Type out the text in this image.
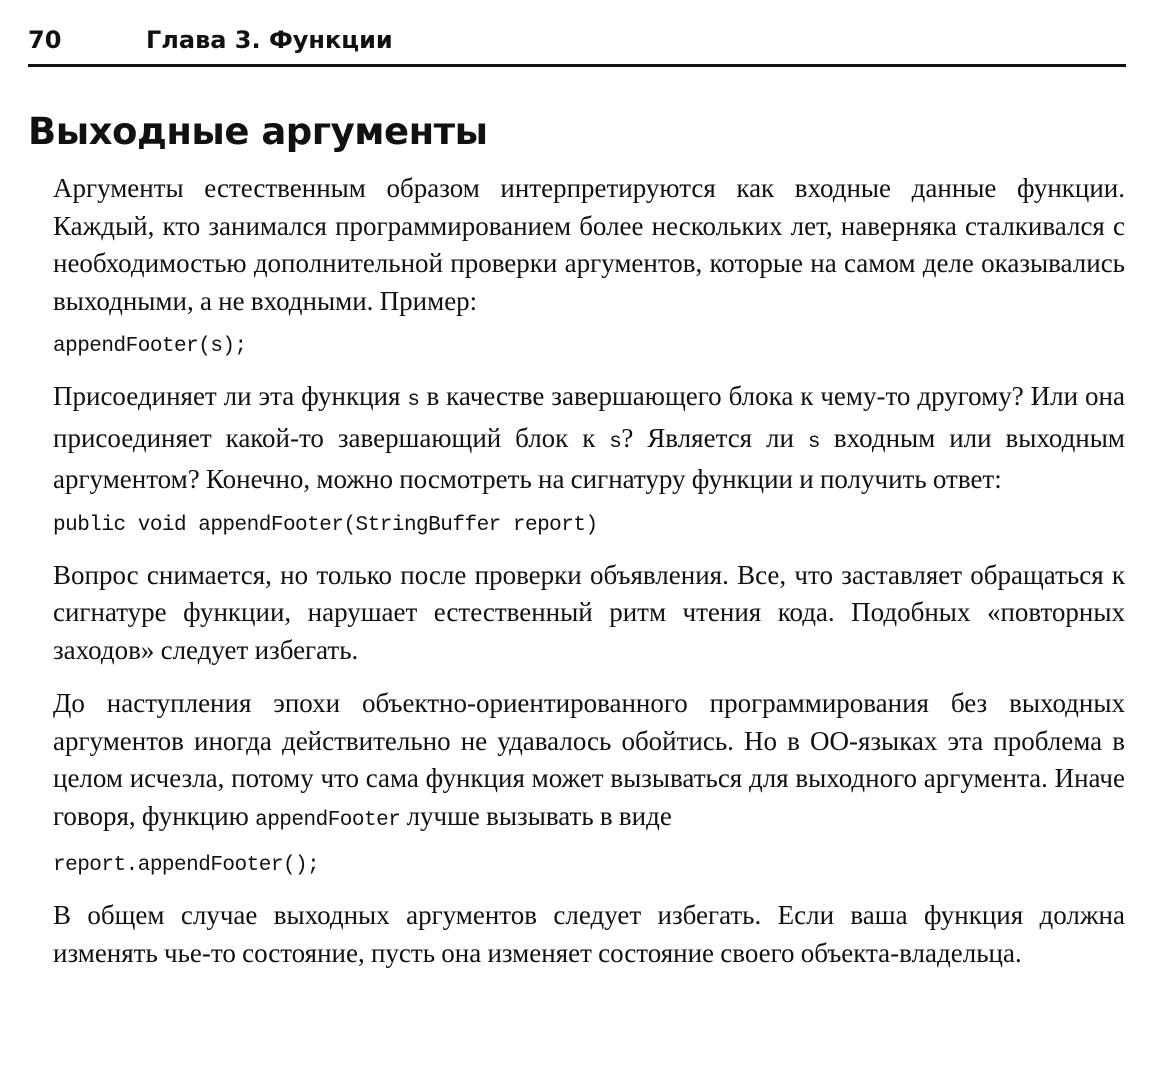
70	Глава 3. Функции
Выходные аргументы

Аргументы естественным образом интерпретируются как входные данные функции. Каждый, кто занимался программированием более нескольких лет, наверняка сталкивался с необходимостью дополнительной проверки аргументов, которые на самом деле оказывались выходными, а не входными. Пример:

appendFooter(s);

Присоединяет ли эта функция s в качестве завершающего блока к чему-то другому? Или она присоединяет какой-то завершающий блок к s? Является ли s входным или выходным аргументом? Конечно, можно посмотреть на сигнатуру функции и получить ответ:

public void appendFooter(StringBuffer report)

Вопрос снимается, но только после проверки объявления. Все, что заставляет обращаться к сигнатуре функции, нарушает естественный ритм чтения кода. Подобных «повторных заходов» следует избегать.

До наступления эпохи объектно-ориентированного программирования без выходных аргументов иногда действительно не удавалось обойтись. Но в ОО-языках эта проблема в целом исчезла, потому что сама функция может вызываться для выходного аргумента. Иначе говоря, функцию appendFooter лучше вызывать в виде

report.appendFooter();

В общем случае выходных аргументов следует избегать. Если ваша функция должна изменять чье-то состояние, пусть она изменяет состояние своего объекта-владельца.
